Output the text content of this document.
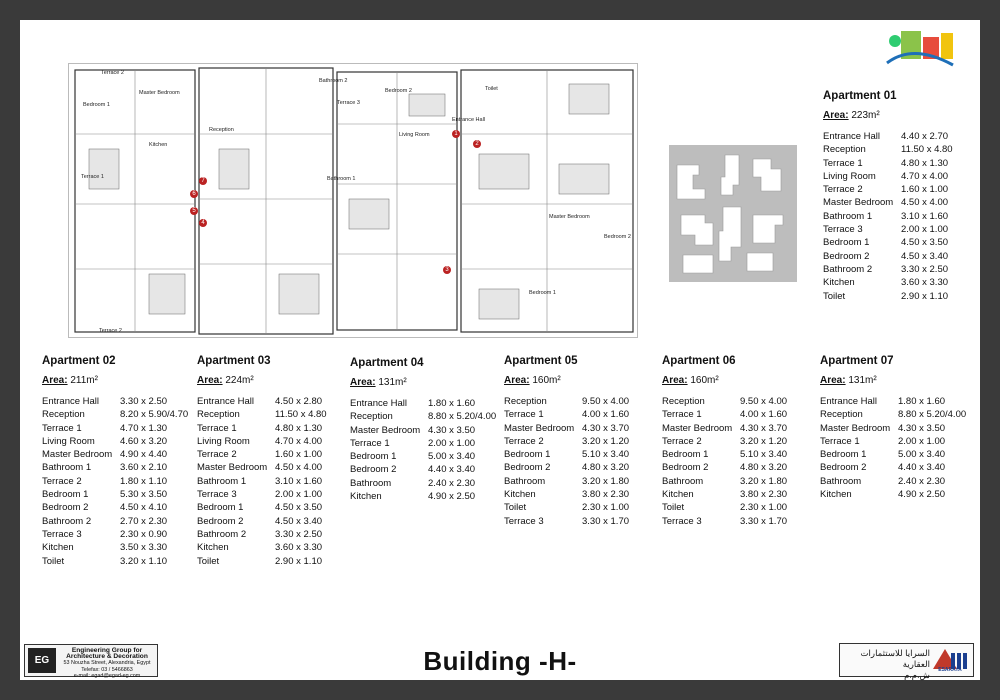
Terrace 2
Bedroom 1
Master Bedroom
Bathroom 2
Reception
Kitchen
Terrace 3
Living Room
Entrance Hall
Bathroom 1
Bedroom 2	Toilet
Terrace 1
Master Bedroom
Bedroom 1
Bedroom 2
Terrace 2
1
2
3
4
5
6
7
Apartment 01
Area: 223m²
Entrance Hall	4.40 x 2.70
Reception	11.50 x 4.80
Terrace 1	4.80 x 1.30
Living Room	4.70 x 4.00
Terrace 2	1.60 x 1.00
Master Bedroom 4.50 x 4.00
Bathroom 1	3.10 x 1.60
Terrace 3	2.00 x 1.00
Bedroom 1	4.50 x 3.50
Bedroom 2	4.50 x 3.40
Bathroom 2	3.30 x 2.50
Kitchen	3.60 x 3.30
Toilet	2.90 x 1.10
Apartment 02
Area: 211m²
Entrance Hall	3.30 x 2.50
Reception	8.20 x 5.90/4.70
Terrace 1	4.70 x 1.30
Living Room	4.60 x 3.20
Master Bedroom 4.90 x 4.40
Bathroom 1	3.60 x 2.10
Terrace 2	1.80 x 1.10
Bedroom 1	5.30 x 3.50
Bedroom 2	4.50 x 4.10
Bathroom 2	2.70 x 2.30
Terrace 3	2.30 x 0.90
Kitchen	3.50 x 3.30
Toilet	3.20 x 1.10
Apartment 03
Area: 224m²
Entrance Hall	4.50 x 2.80
Reception	11.50 x 4.80
Terrace 1	4.80 x 1.30
Living Room	4.70 x 4.00
Terrace 2	1.60 x 1.00
Master Bedroom 4.50 x 4.00
Bathroom 1	3.10 x 1.60
Terrace 3	2.00 x 1.00
Bedroom 1	4.50 x 3.50
Bedroom 2	4.50 x 3.40
Bathroom 2	3.30 x 2.50
Kitchen	3.60 x 3.30
Toilet	2.90 x 1.10
Apartment 04
Area: 131m²
Entrance Hall	1.80 x 1.60
Reception	8.80 x 5.20/4.00
Master Bedroom 4.30 x 3.50
Terrace 1	2.00 x 1.00
Bedroom 1	5.00 x 3.40
Bedroom 2	4.40 x 3.40
Bathroom	2.40 x 2.30
Kitchen	4.90 x 2.50
Apartment 05
Area: 160m²
Reception	9.50 x 4.00
Terrace 1	4.00 x 1.60
Master Bedroom 4.30 x 3.70
Terrace 2	3.20 x 1.20
Bedroom 1	5.10 x 3.40
Bedroom 2	4.80 x 3.20
Bathroom	3.20 x 1.80
Kitchen	3.80 x 2.30
Toilet	2.30 x 1.00
Terrace 3	3.30 x 1.70
Apartment 06
Area: 160m²
Reception	9.50 x 4.00
Terrace 1	4.00 x 1.60
Master Bedroom 4.30 x 3.70
Terrace 2	3.20 x 1.20
Bedroom 1	5.10 x 3.40
Bedroom 2	4.80 x 3.20
Bathroom	3.20 x 1.80
Kitchen	3.80 x 2.30
Toilet	2.30 x 1.00
Terrace 3	3.30 x 1.70
Apartment 07
Area: 131m²
Entrance Hall	1.80 x 1.60
Reception	8.80 x 5.20/4.00
Master Bedroom 4.30 x 3.50
Terrace 1	2.00 x 1.00
Bedroom 1	5.00 x 3.40
Bedroom 2	4.40 x 3.40
Bathroom	2.40 x 2.30
Kitchen	4.90 x 2.50
EG
Engineering Group for
Architecture & Decoration
53 Nouzha Street, Alexandria, Egypt
Telefax: 03 / 5466863
e-mail: egad@egad-eg.com	Building -H-	السرايا للاستثمارات العقارية
ش.م.م	ESARAYA
